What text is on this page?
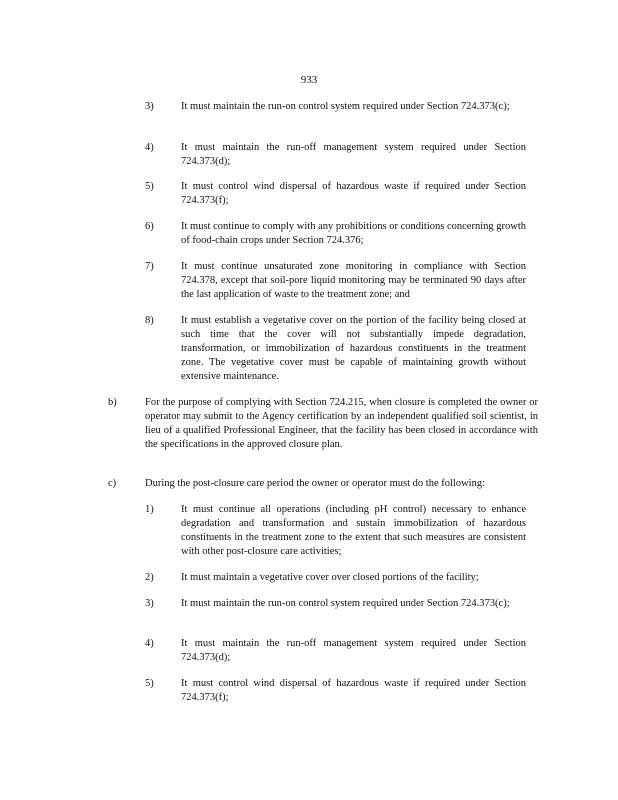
933
3)	It must maintain the run-on control system required under Section 724.373(c);
4)	It must maintain the run-off management system required under Section 724.373(d);
5)	It must control wind dispersal of hazardous waste if required under Section 724.373(f);
6)	It must continue to comply with any prohibitions or conditions concerning growth of food-chain crops under Section 724.376;
7)	It must continue unsaturated zone monitoring in compliance with Section 724.378, except that soil-pore liquid monitoring may be terminated 90 days after the last application of waste to the treatment zone; and
8)	It must establish a vegetative cover on the portion of the facility being closed at such time that the cover will not substantially impede degradation, transformation, or immobilization of hazardous constituents in the treatment zone. The vegetative cover must be capable of maintaining growth without extensive maintenance.
b)	For the purpose of complying with Section 724.215, when closure is completed the owner or operator may submit to the Agency certification by an independent qualified soil scientist, in lieu of a qualified Professional Engineer, that the facility has been closed in accordance with the specifications in the approved closure plan.
c)	During the post-closure care period the owner or operator must do the following:
1)	It must continue all operations (including pH control) necessary to enhance degradation and transformation and sustain immobilization of hazardous constituents in the treatment zone to the extent that such measures are consistent with other post-closure care activities;
2)	It must maintain a vegetative cover over closed portions of the facility;
3)	It must maintain the run-on control system required under Section 724.373(c);
4)	It must maintain the run-off management system required under Section 724.373(d);
5)	It must control wind dispersal of hazardous waste if required under Section 724.373(f);
